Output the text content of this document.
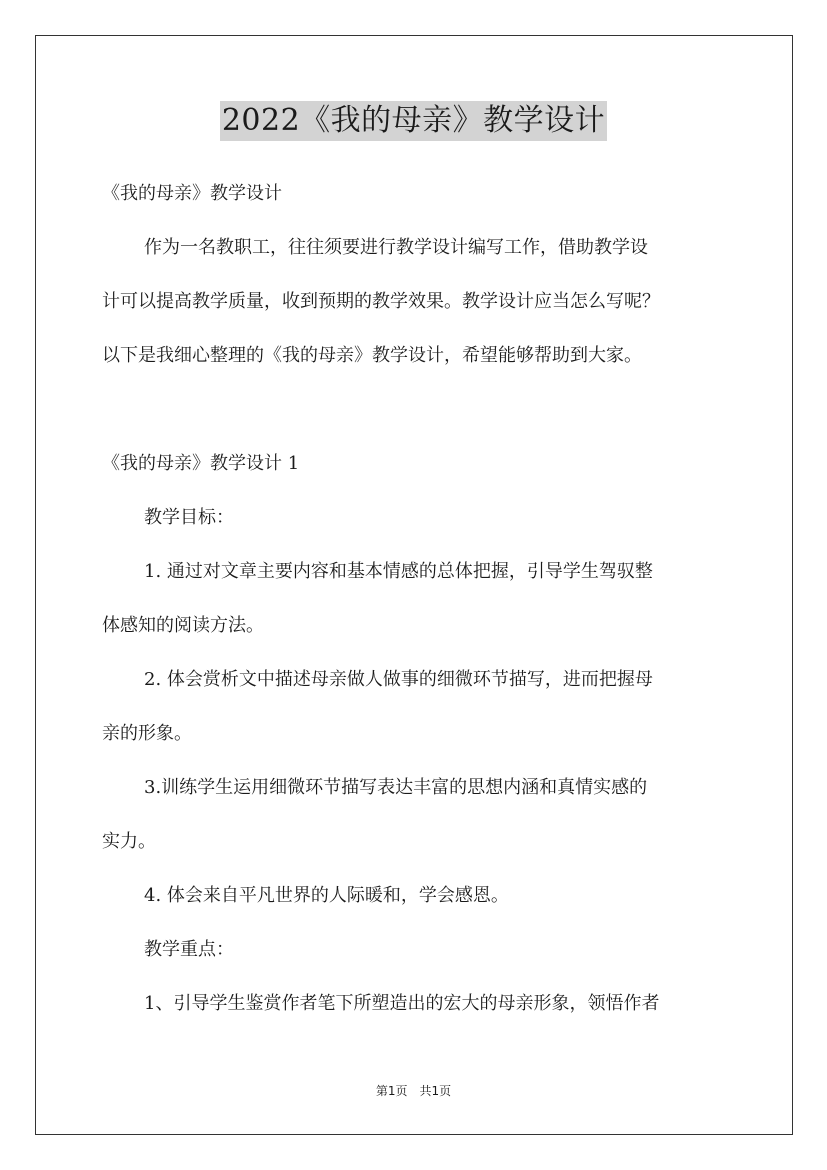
2022《我的母亲》教学设计
《我的母亲》教学设计
作为一名教职工，往往须要进行教学设计编写工作，借助教学设
计可以提高教学质量，收到预期的教学效果。教学设计应当怎么写呢？
以下是我细心整理的《我的母亲》教学设计，希望能够帮助到大家。
《我的母亲》教学设计 1
教学目标：
1. 通过对文章主要内容和基本情感的总体把握，引导学生驾驭整
体感知的阅读方法。
2. 体会赏析文中描述母亲做人做事的细微环节描写，进而把握母
亲的形象。
3.训练学生运用细微环节描写表达丰富的思想内涵和真情实感的
实力。
4. 体会来自平凡世界的人际暖和，学会感恩。
教学重点：
1、引导学生鉴赏作者笔下所塑造出的宏大的母亲形象，领悟作者
第1页　共1页
